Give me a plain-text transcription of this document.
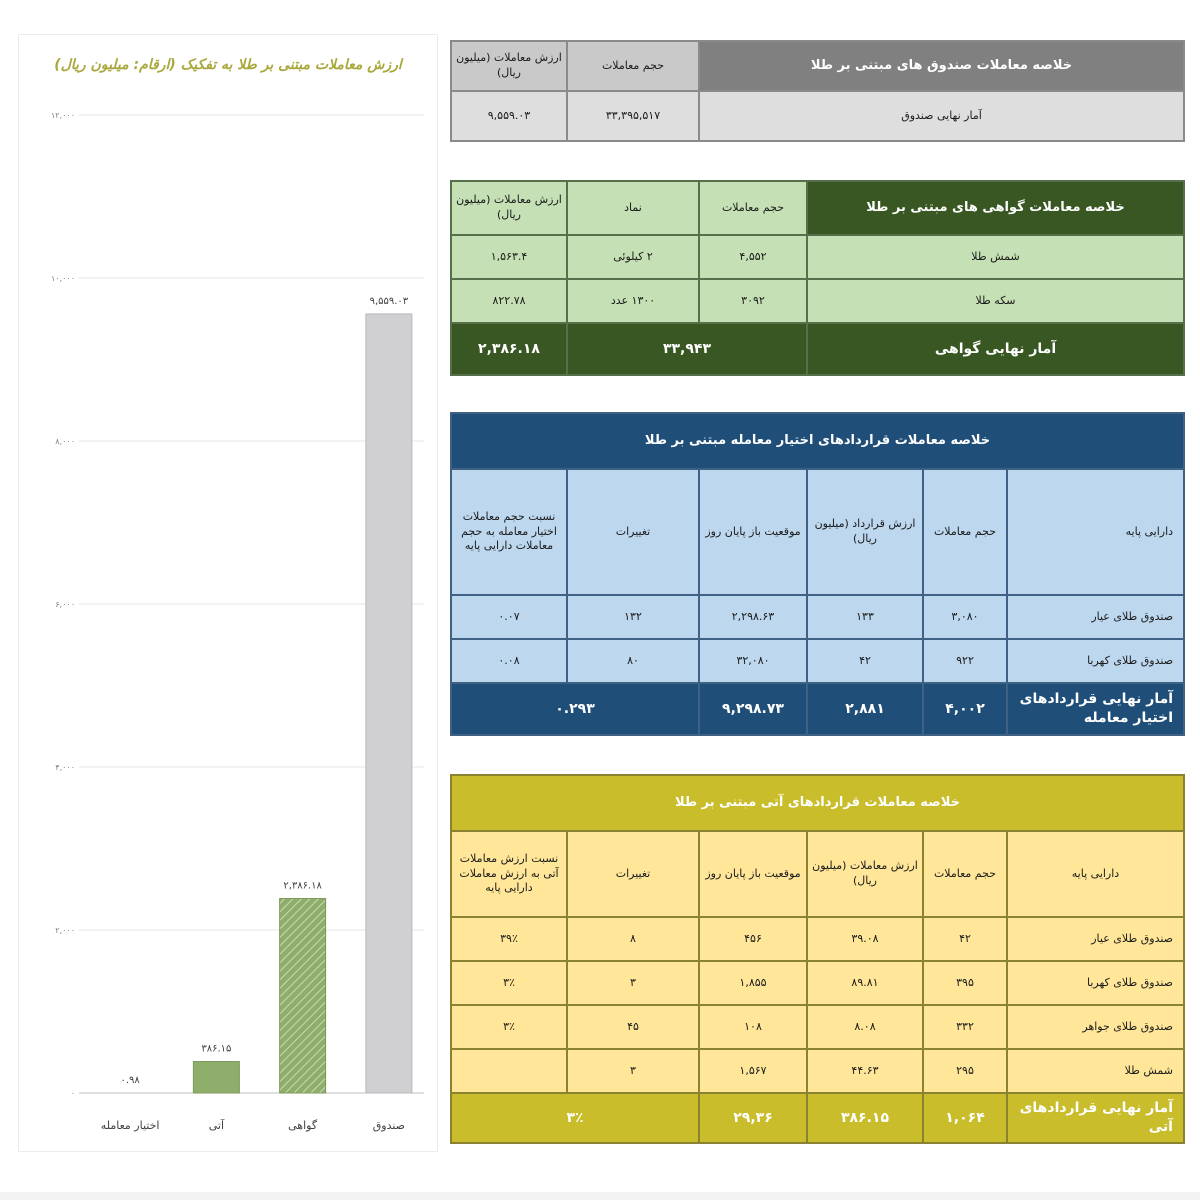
ارزش معاملات مبتنی بر طلا به تفکیک (ارقام: میلیون ریال)
۰
۲,۰۰۰
۴,۰۰۰
۶,۰۰۰
۸,۰۰۰
۱۰,۰۰۰
۱۲,۰۰۰
۹,۵۵۹.۰۳
صندوق
۲,۳۸۶.۱۸
گواهی
۳۸۶.۱۵
آتی
۰.۹۸
اختیار معامله
ارزش معاملات (میلیون ریال)	حجم معاملات	خلاصه معاملات صندوق های مبتنی بر طلا
۹,۵۵۹.۰۳	۳۳,۳۹۵,۵۱۷	آمار نهایی صندوق
ارزش معاملات (میلیون ریال)	نماد	حجم معاملات	خلاصه معاملات گواهی های مبتنی بر طلا
۱,۵۶۳.۴	۲ کیلوئی	۴,۵۵۲	شمش طلا
۸۲۲.۷۸	۱۳۰۰ عدد	۳۰۹۲	سکه طلا
۲,۳۸۶.۱۸	۳۳,۹۴۳		آمار نهایی گواهی
خلاصه معاملات قراردادهای اختیار معامله مبتنی بر طلا					
نسبت حجم معاملات اختیار معامله به حجم معاملات دارایی پایه	تغییرات	موقعیت باز پایان روز	ارزش قرارداد (میلیون ریال)	حجم معاملات	دارایی پایه
۰.۰۷	۱۳۲	۲,۲۹۸.۶۳	۱۳۳	۳,۰۸۰	صندوق طلای عیار
۰.۰۸	۸۰	۳۲,۰۸۰	۴۲	۹۲۲	صندوق طلای کهربا
۰.۲۹۳		۹,۲۹۸.۷۳	۲,۸۸۱	۴,۰۰۲	آمار نهایی قراردادهای اختیار معامله
خلاصه معاملات قراردادهای آتی مبتنی بر طلا					
نسبت ارزش معاملات آتی به ارزش معاملات دارایی پایه	تغییرات	موقعیت باز پایان روز	ارزش معاملات (میلیون ریال)	حجم معاملات	دارایی پایه
۳۹٪	۸	۴۵۶	۳۹.۰۸	۴۲	صندوق طلای عیار
۳٪	۳	۱,۸۵۵	۸۹.۸۱	۳۹۵	صندوق طلای کهربا
۳٪	۴۵	۱۰۸	۸.۰۸	۳۳۲	صندوق طلای جواهر
	۳	۱,۵۶۷	۴۴.۶۳	۲۹۵	شمش طلا
۳٪		۲۹,۳۶	۳۸۶.۱۵	۱,۰۶۴	آمار نهایی قراردادهای آتی
